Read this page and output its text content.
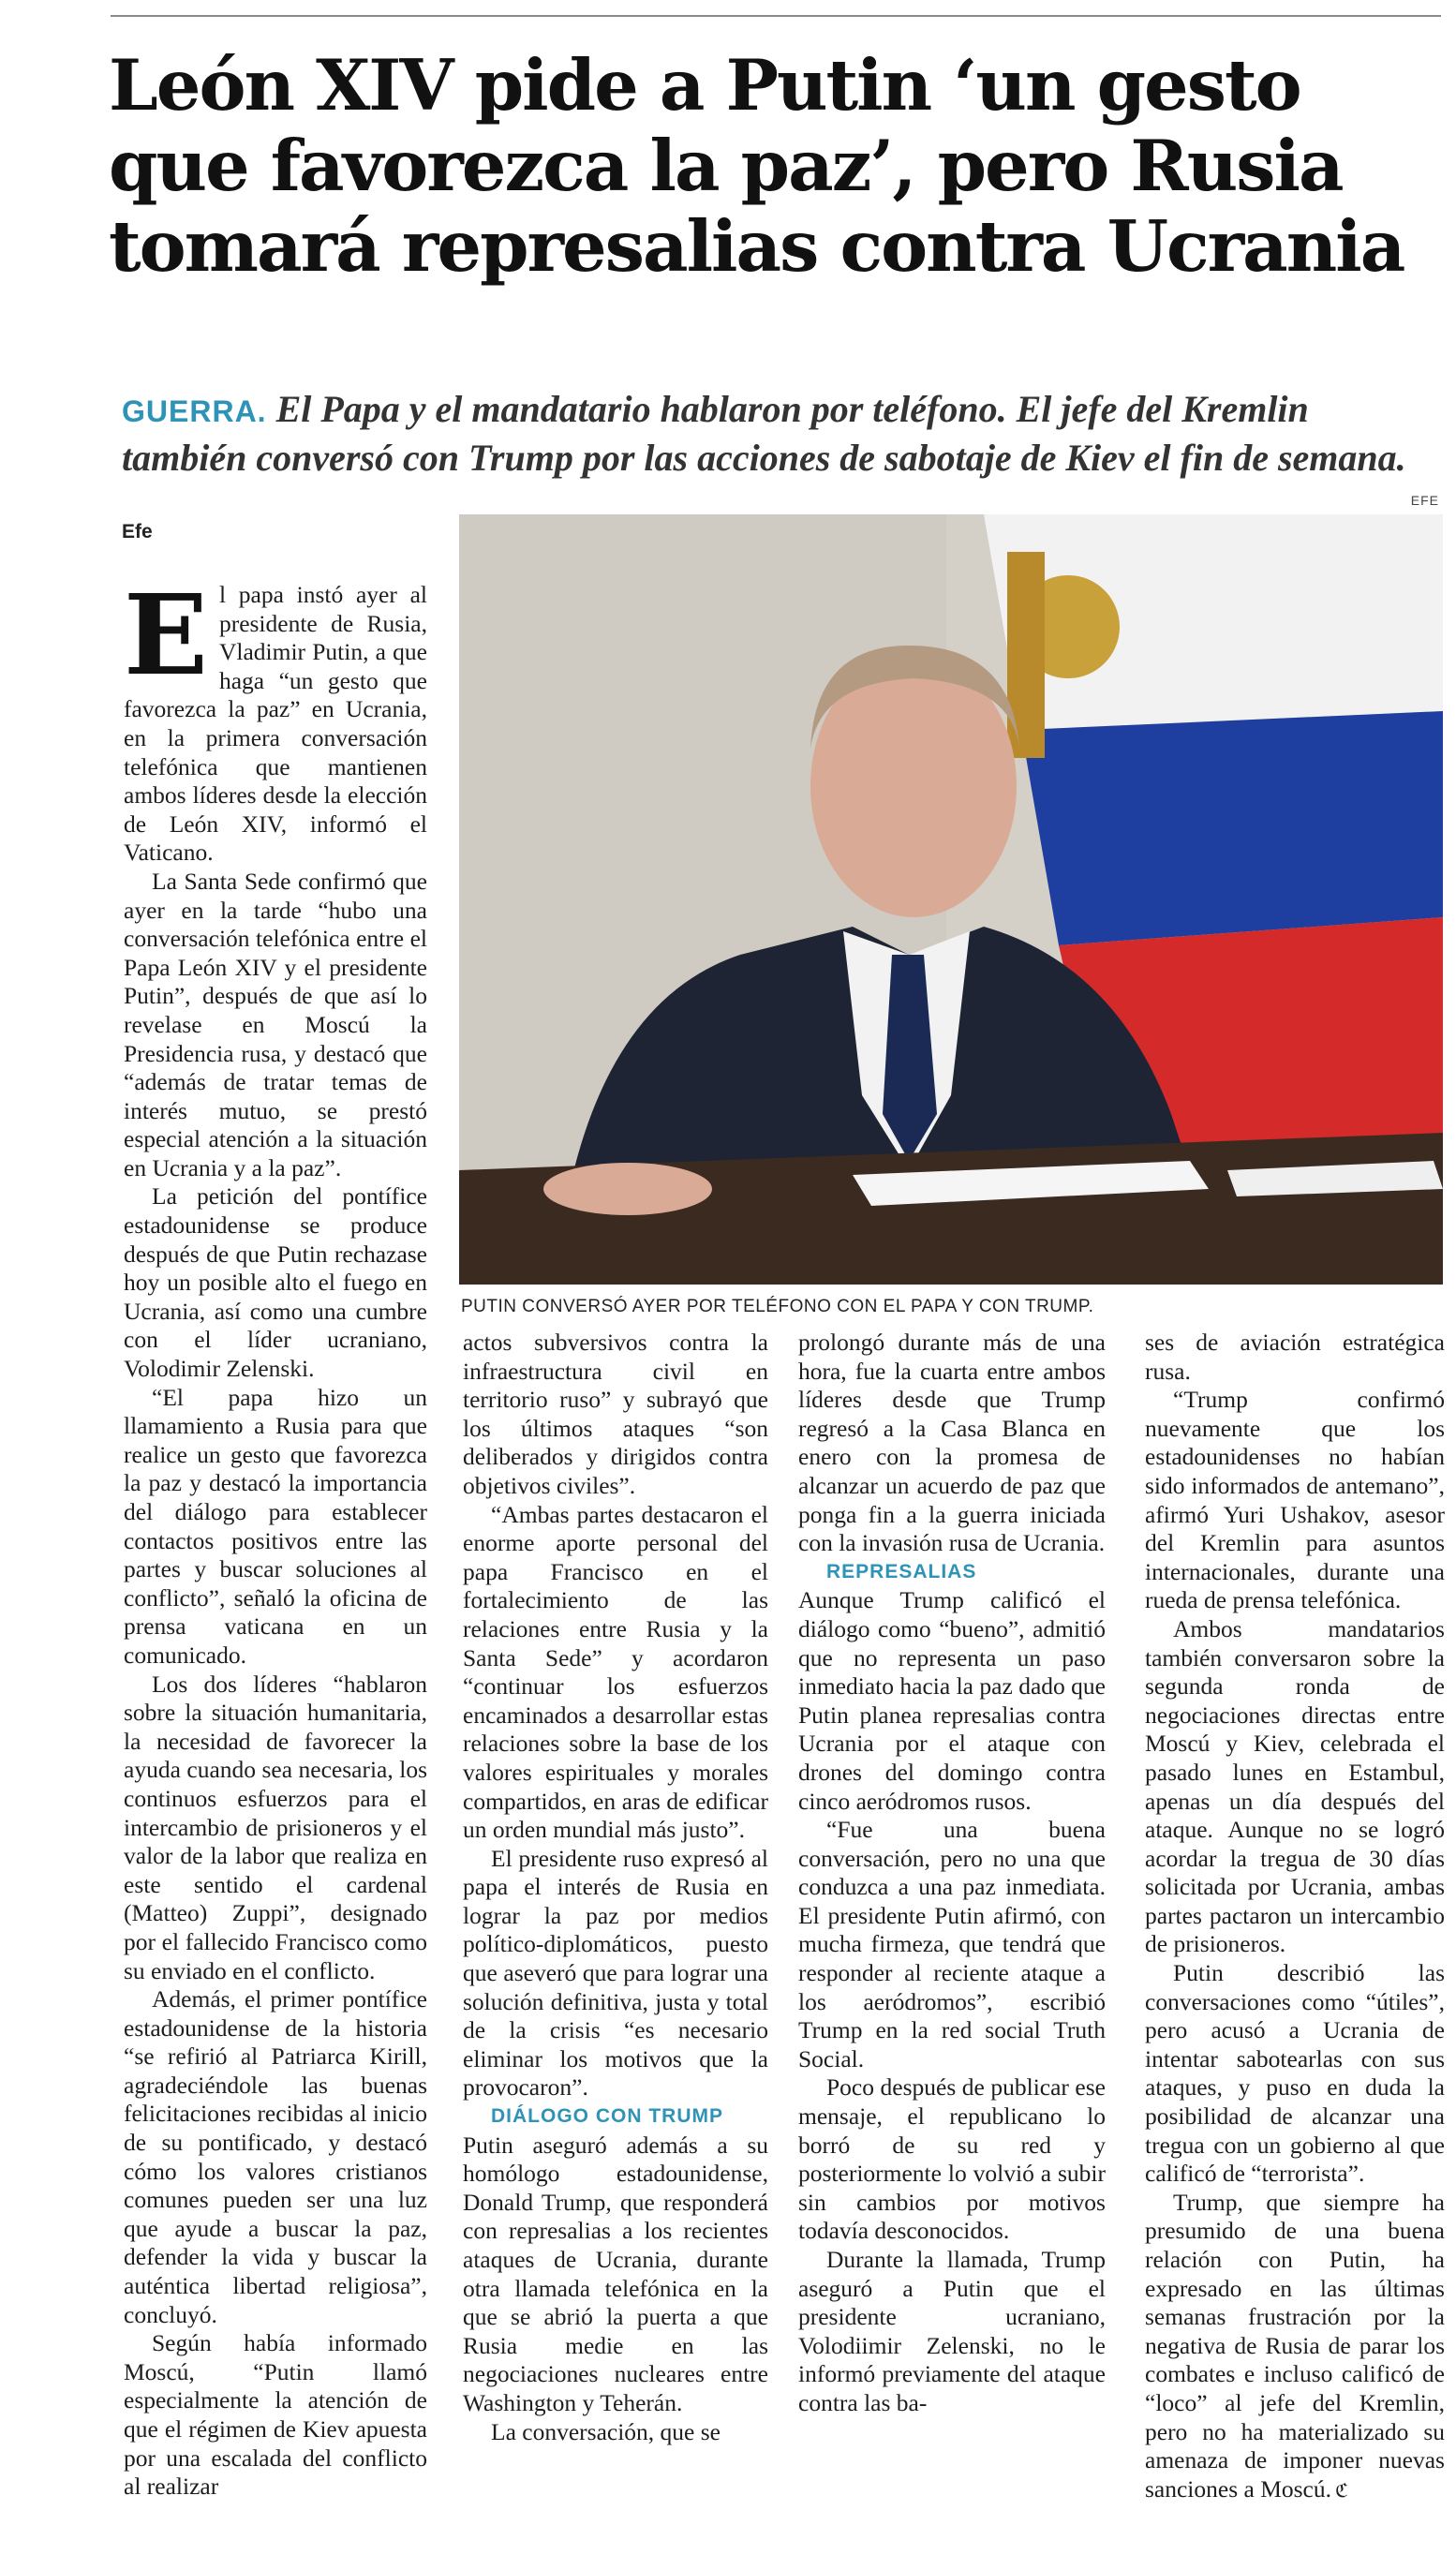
León XIV pide a Putin ‘un gesto que favorezca la paz’, pero Rusia tomará represalias contra Ucrania

GUERRA. El Papa y el mandatario hablaron por teléfono. El jefe del Kremlin también conversó con Trump por las acciones de sabotaje de Kiev el fin de semana.

Efe
EFE
PUTIN CONVERSÓ AYER POR TELÉFONO CON EL PAPA Y CON TRUMP.

El papa instó ayer al presidente de Rusia, Vladimir Putin, a que haga “un gesto que favorezca la paz” en Ucrania, en la primera conversación telefónica que mantienen ambos líderes desde la elección de León XIV, informó el Vaticano.

La Santa Sede confirmó que ayer en la tarde “hubo una conversación telefónica entre el Papa León XIV y el presidente Putin”, después de que así lo revelase en Moscú la Presidencia rusa, y destacó que “además de tratar temas de interés mutuo, se prestó especial atención a la situación en Ucrania y a la paz”.

La petición del pontífice estadounidense se produce después de que Putin rechazase hoy un posible alto el fuego en Ucrania, así como una cumbre con el líder ucraniano, Volodimir Zelenski.

“El papa hizo un llamamiento a Rusia para que realice un gesto que favorezca la paz y destacó la importancia del diálogo para establecer contactos positivos entre las partes y buscar soluciones al conflicto”, señaló la oficina de prensa vaticana en un comunicado.

Los dos líderes “hablaron sobre la situación humanitaria, la necesidad de favorecer la ayuda cuando sea necesaria, los continuos esfuerzos para el intercambio de prisioneros y el valor de la labor que realiza en este sentido el cardenal (Matteo) Zuppi”, designado por el fallecido Francisco como su enviado en el conflicto.

Además, el primer pontífice estadounidense de la historia “se refirió al Patriarca Kirill, agradeciéndole las buenas felicitaciones recibidas al inicio de su pontificado, y destacó cómo los valores cristianos comunes pueden ser una luz que ayude a buscar la paz, defender la vida y buscar la auténtica libertad religiosa”, concluyó.

Según había informado Moscú, “Putin llamó especialmente la atención de que el régimen de Kiev apuesta por una escalada del conflicto al realizar

actos subversivos contra la infraestructura civil en territorio ruso” y subrayó que los últimos ataques “son deliberados y dirigidos contra objetivos civiles”.

“Ambas partes destacaron el enorme aporte personal del papa Francisco en el fortalecimiento de las relaciones entre Rusia y la Santa Sede” y acordaron “continuar los esfuerzos encaminados a desarrollar estas relaciones sobre la base de los valores espirituales y morales compartidos, en aras de edificar un orden mundial más justo”.

El presidente ruso expresó al papa el interés de Rusia en lograr la paz por medios político-diplomáticos, puesto que aseveró que para lograr una solución definitiva, justa y total de la crisis “es necesario eliminar los motivos que la provocaron”.

DIÁLOGO CON TRUMP

Putin aseguró además a su homólogo estadounidense, Donald Trump, que responderá con represalias a los recientes ataques de Ucrania, durante otra llamada telefónica en la que se abrió la puerta a que Rusia medie en las negociaciones nucleares entre Washington y Teherán.

La conversación, que se

prolongó durante más de una hora, fue la cuarta entre ambos líderes desde que Trump regresó a la Casa Blanca en enero con la promesa de alcanzar un acuerdo de paz que ponga fin a la guerra iniciada con la invasión rusa de Ucrania.

REPRESALIAS

Aunque Trump calificó el diálogo como “bueno”, admitió que no representa un paso inmediato hacia la paz dado que Putin planea represalias contra Ucrania por el ataque con drones del domingo contra cinco aeródromos rusos.

“Fue una buena conversación, pero no una que conduzca a una paz inmediata. El presidente Putin afirmó, con mucha firmeza, que tendrá que responder al reciente ataque a los aeródromos”, escribió Trump en la red social Truth Social.

Poco después de publicar ese mensaje, el republicano lo borró de su red y posteriormente lo volvió a subir sin cambios por motivos todavía desconocidos.

Durante la llamada, Trump aseguró a Putin que el presidente ucraniano, Volodiimir Zelenski, no le informó previamente del ataque contra las ba-

ses de aviación estratégica rusa.

“Trump confirmó nuevamente que los estadounidenses no habían sido informados de antemano”, afirmó Yuri Ushakov, asesor del Kremlin para asuntos internacionales, durante una rueda de prensa telefónica.

Ambos mandatarios también conversaron sobre la segunda ronda de negociaciones directas entre Moscú y Kiev, celebrada el pasado lunes en Estambul, apenas un día después del ataque. Aunque no se logró acordar la tregua de 30 días solicitada por Ucrania, ambas partes pactaron un intercambio de prisioneros.

Putin describió las conversaciones como “útiles”, pero acusó a Ucrania de intentar sabotearlas con sus ataques, y puso en duda la posibilidad de alcanzar una tregua con un gobierno al que calificó de “terrorista”.

Trump, que siempre ha presumido de una buena relación con Putin, ha expresado en las últimas semanas frustración por la negativa de Rusia de parar los combates e incluso calificó de “loco” al jefe del Kremlin, pero no ha materializado su amenaza de imponer nuevas sanciones a Moscú. ℭ
